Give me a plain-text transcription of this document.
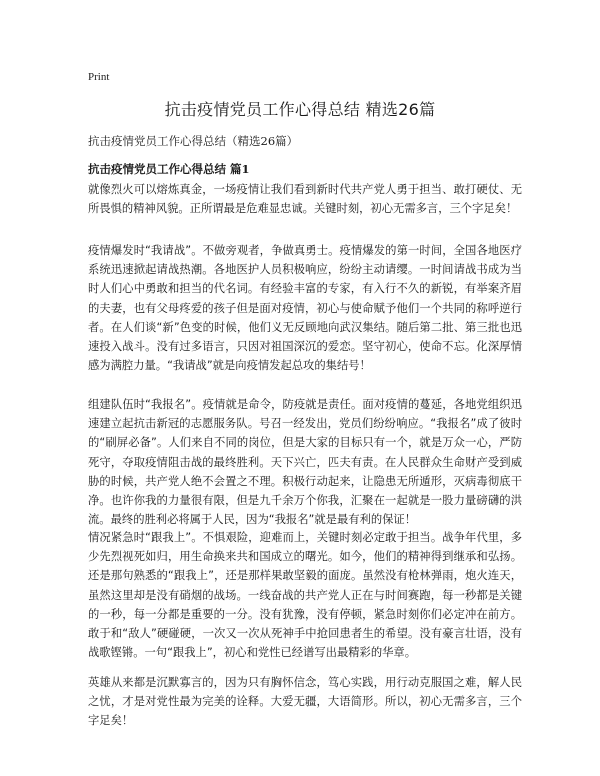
Print
抗击疫情党员工作心得总结 精选26篇
抗击疫情党员工作心得总结（精选26篇）
抗击疫情党员工作心得总结 篇1

就像烈火可以熔炼真金，一场疫情让我们看到新时代共产党人勇于担当、敢打硬仗、无所畏惧的精神风貌。正所谓最是危难显忠诚。关键时刻，初心无需多言，三个字足矣！

疫情爆发时“我请战”。不做旁观者，争做真勇士。疫情爆发的第一时间，全国各地医疗系统迅速掀起请战热潮。各地医护人员积极响应，纷纷主动请缨。一时间请战书成为当时人们心中勇敢和担当的代名词。有经验丰富的专家，有入行不久的新锐，有举案齐眉的夫妻，也有父母疼爱的孩子但是面对疫情，初心与使命赋予他们一个共同的称呼逆行者。在人们谈“新”色变的时候，他们义无反顾地向武汉集结。随后第二批、第三批也迅速投入战斗。没有过多语言，只因对祖国深沉的爱恋。坚守初心，使命不忘。化深厚情感为满腔力量。“我请战”就是向疫情发起总攻的集结号！

组建队伍时“我报名”。疫情就是命令，防疫就是责任。面对疫情的蔓延，各地党组织迅速建立起抗击新冠的志愿服务队。号召一经发出，党员们纷纷响应。“我报名”成了彼时的“刷屏必备”。人们来自不同的岗位，但是大家的目标只有一个，就是万众一心，严防死守，夺取疫情阻击战的最终胜利。天下兴亡，匹夫有责。在人民群众生命财产受到威胁的时候，共产党人绝不会置之不理。积极行动起来，让隐患无所遁形，灭病毒彻底干净。也许你我的力量很有限，但是九千余万个你我，汇聚在一起就是一股力量磅礴的洪流。最终的胜利必将属于人民，因为“我报名”就是最有利的保证！

情况紧急时“跟我上”。不惧艰险，迎难而上，关键时刻必定敢于担当。战争年代里，多少先烈视死如归，用生命换来共和国成立的曙光。如今，他们的精神得到继承和弘扬。还是那句熟悉的“跟我上”，还是那样果敢坚毅的面庞。虽然没有枪林弹雨，炮火连天，虽然这里却是没有硝烟的战场。一线奋战的共产党人正在与时间赛跑，每一秒都是关键的一秒，每一分都是重要的一分。没有犹豫，没有停顿，紧急时刻你们必定冲在前方。敢于和“敌人”硬碰硬，一次又一次从死神手中抢回患者生的希望。没有豪言壮语，没有战歌铿锵。一句“跟我上”，初心和党性已经谱写出最精彩的华章。

英雄从来都是沉默寡言的，因为只有胸怀信念，笃心实践，用行动克服国之难，解人民之忧，才是对党性最为完美的诠释。大爱无疆，大语简形。所以，初心无需多言，三个字足矣！
